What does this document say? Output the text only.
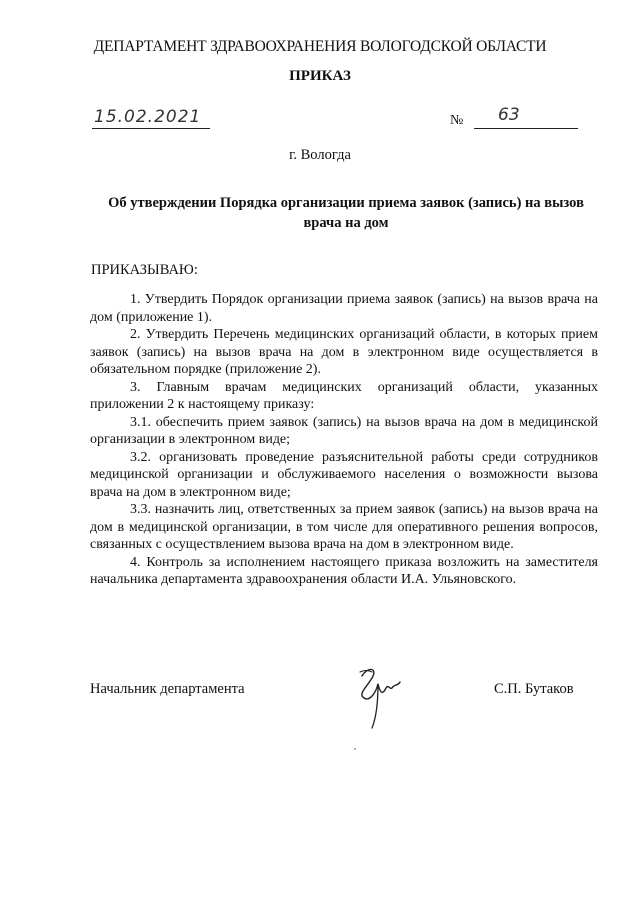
ДЕПАРТАМЕНТ ЗДРАВООХРАНЕНИЯ ВОЛОГОДСКОЙ ОБЛАСТИ
ПРИКАЗ
15.02.2021	№ 63
г. Вологда
Об утверждении Порядка организации приема заявок (запись) на вызов врача на дом
ПРИКАЗЫВАЮ:

1. Утвердить Порядок организации приема заявок (запись) на вызов врача на дом (приложение 1).

2. Утвердить Перечень медицинских организаций области, в которых прием заявок (запись) на вызов врача на дом в электронном виде осуществляется в обязательном порядке (приложение 2).

3. Главным врачам медицинских организаций области, указанных приложении 2 к настоящему приказу:

3.1. обеспечить прием заявок (запись) на вызов врача на дом в медицинской организации в электронном виде;

3.2. организовать проведение разъяснительной работы среди сотрудников медицинской организации и обслуживаемого населения о возможности вызова врача на дом в электронном виде;

3.3. назначить лиц, ответственных за прием заявок (запись) на вызов врача на дом в медицинской организации, в том числе для оперативного решения вопросов, связанных с осуществлением вызова врача на дом в электронном виде.

4. Контроль за исполнением настоящего приказа возложить на заместителя начальника департамента здравоохранения области И.А. Ульяновского.

Начальник департамента	С.П. Бутаков
